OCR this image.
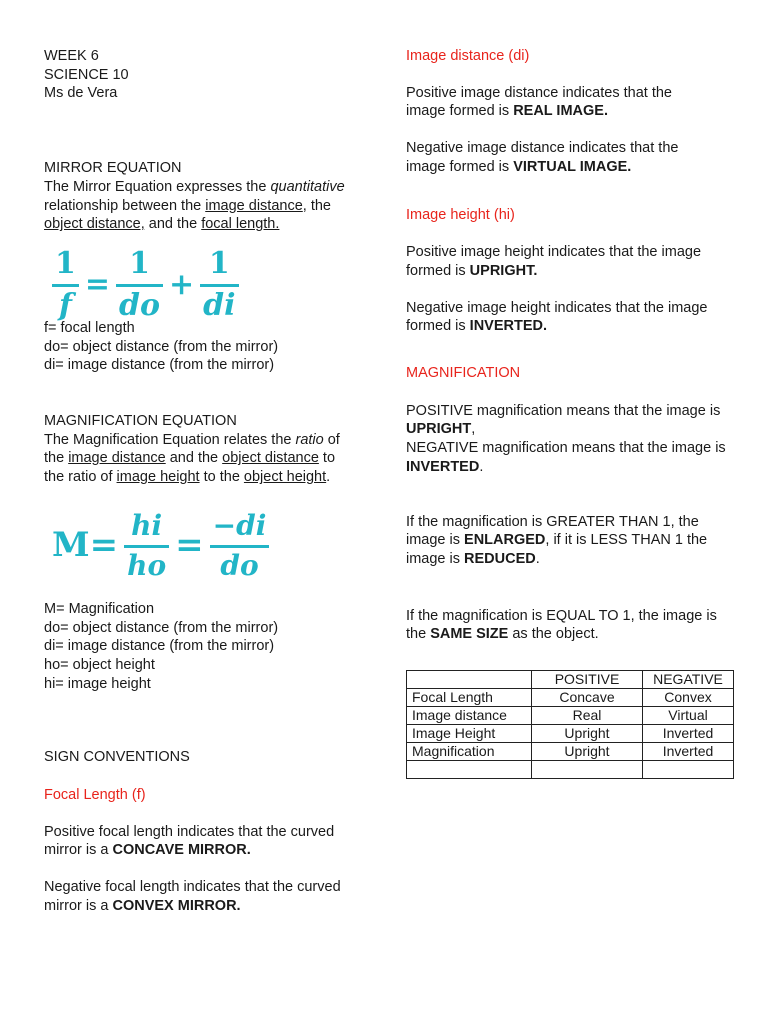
WEEK 6

SCIENCE 10

Ms de Vera

MIRROR EQUATION

The Mirror Equation expresses the quantitative relationship between the image distance, the object distance, and the focal length.

$\frac{1}{f} = \frac{1}{do} + \frac{1}{di}$

f= focal length

do= object distance (from the mirror)

di= image distance (from the mirror)

MAGNIFICATION EQUATION

The Magnification Equation relates the ratio of the image distance and the object distance to the ratio of image height to the object height.

$M= \frac{hi}{ho} = \frac{-di}{do}$

M= Magnification

do= object distance (from the mirror)

di= image distance (from the mirror)

ho= object height

hi= image height

SIGN CONVENTIONS

Focal Length (f)

Positive focal length indicates that the curved mirror is a CONCAVE MIRROR.

Negative focal length indicates that the curved mirror is a CONVEX MIRROR.

Image distance (di)

Positive image distance indicates that the image formed is REAL IMAGE.

Negative image distance indicates that the image formed is VIRTUAL IMAGE.

Image height (hi)

Positive image height indicates that the image formed is UPRIGHT.

Negative image height indicates that the image formed is INVERTED.

MAGNIFICATION

POSITIVE magnification means that the image is UPRIGHT,

NEGATIVE magnification means that the image is INVERTED.

If the magnification is GREATER THAN 1, the image is ENLARGED, if it is LESS THAN 1 the image is REDUCED.

If the magnification is EQUAL TO 1, the image is the SAME SIZE as the object.

	POSITIVE	NEGATIVE
Focal Length	Concave	Convex
Image distance	Real	Virtual
Image Height	Upright	Inverted
Magnification	Upright	Inverted
